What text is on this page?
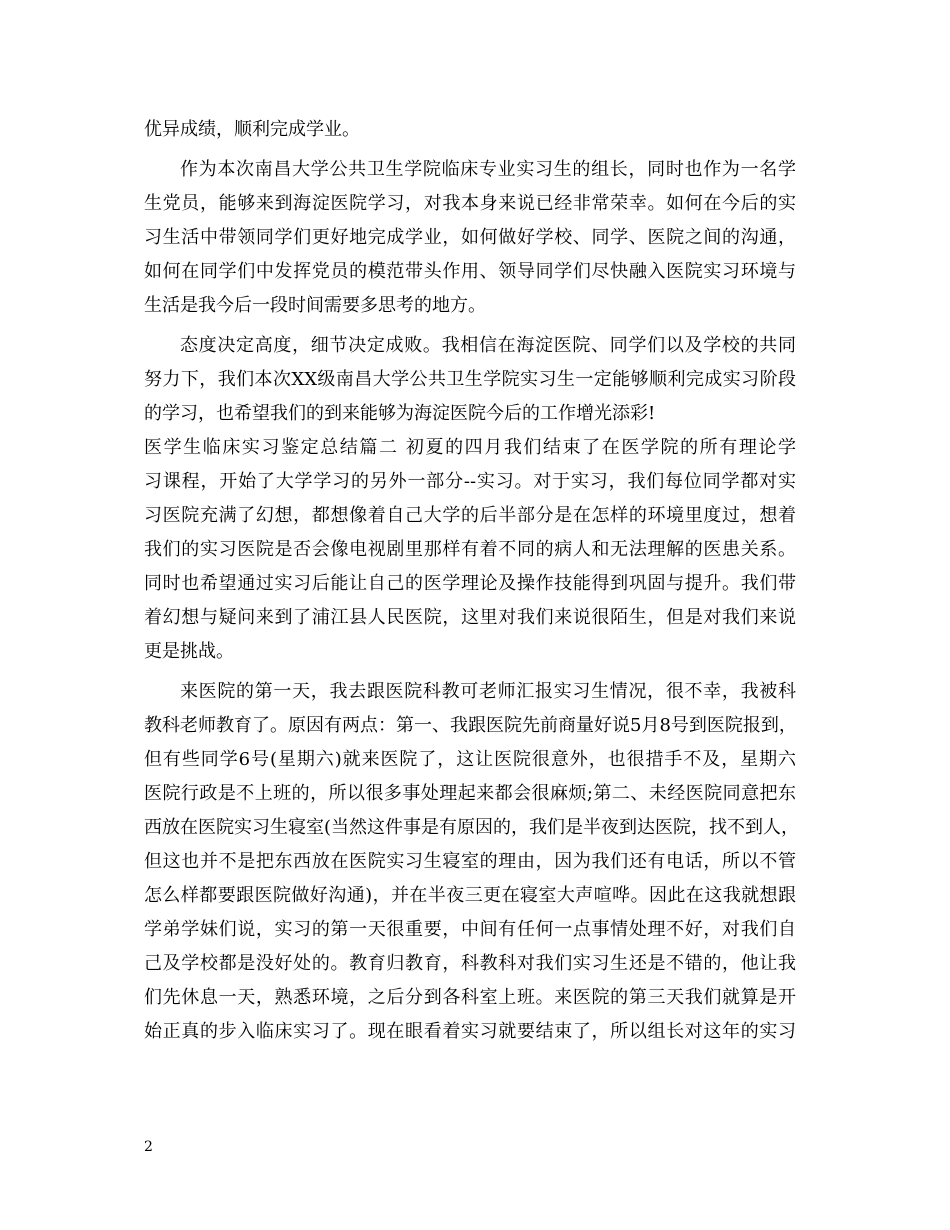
优异成绩，顺利完成学业。
作为本次南昌大学公共卫生学院临床专业实习生的组长，同时也作为一名学
生党员，能够来到海淀医院学习，对我本身来说已经非常荣幸。如何在今后的实
习生活中带领同学们更好地完成学业，如何做好学校、同学、医院之间的沟通，
如何在同学们中发挥党员的模范带头作用、领导同学们尽快融入医院实习环境与
生活是我今后一段时间需要多思考的地方。
态度决定高度，细节决定成败。我相信在海淀医院、同学们以及学校的共同
努力下，我们本次XX级南昌大学公共卫生学院实习生一定能够顺利完成实习阶段
的学习，也希望我们的到来能够为海淀医院今后的工作增光添彩!
医学生临床实习鉴定总结篇二 初夏的四月我们结束了在医学院的所有理论学
习课程，开始了大学学习的另外一部分--实习。对于实习，我们每位同学都对实
习医院充满了幻想，都想像着自己大学的后半部分是在怎样的环境里度过，想着
我们的实习医院是否会像电视剧里那样有着不同的病人和无法理解的医患关系。
同时也希望通过实习后能让自己的医学理论及操作技能得到巩固与提升。我们带
着幻想与疑问来到了浦江县人民医院，这里对我们来说很陌生，但是对我们来说
更是挑战。
来医院的第一天，我去跟医院科教可老师汇报实习生情况，很不幸，我被科
教科老师教育了。原因有两点：第一、我跟医院先前商量好说5月8号到医院报到，
但有些同学6号(星期六)就来医院了，这让医院很意外，也很措手不及，星期六
医院行政是不上班的，所以很多事处理起来都会很麻烦;第二、未经医院同意把东
西放在医院实习生寝室(当然这件事是有原因的，我们是半夜到达医院，找不到人，
但这也并不是把东西放在医院实习生寝室的理由，因为我们还有电话，所以不管
怎么样都要跟医院做好沟通)，并在半夜三更在寝室大声喧哗。因此在这我就想跟
学弟学妹们说，实习的第一天很重要，中间有任何一点事情处理不好，对我们自
己及学校都是没好处的。教育归教育，科教科对我们实习生还是不错的，他让我
们先休息一天，熟悉环境，之后分到各科室上班。来医院的第三天我们就算是开
始正真的步入临床实习了。现在眼看着实习就要结束了，所以组长对这年的实习
2
